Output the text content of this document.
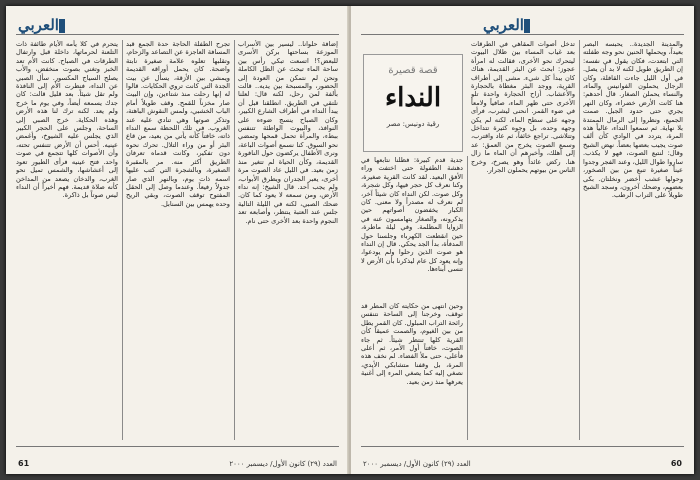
العربي

إضافة حلوانا.. ليسير بين الأسراب الموزعة بساحتها بركن الأسرى للبعض؟! اتسعت تبكي رأس بين ساحة الماء تبحث عن الظل الكاملة ونحن لم نتمكن من العودة إلى الحضور، والمسبحة بين يديه.. قالت بألفة لمن رحل، لكنه قال: لعلنا نلتقي في الطريق. انطلقنا قبل أن يبدأ النداء في أطراف الشارع الكبير، وكان الصباح ينسج ضوءه على النوافذ، والبيوت الواطئة تتنفس ببطء، والمرأة تحمل قمحها وتمضي نحو السوق. كنا نسمع أصوات الباعة، ونرى الأطفال يركضون حول النافورة القديمة، وكأن الحياة لم تتغير منذ زمن بعيد. في الليل عاد الصوت مرة أخرى، يعبر الجدران ويطرق الأبواب، ولم يجب أحد. قال الشيخ: إنه نداء الأرض، ومن سمعه لا يعود كما كان. ضحك الصبي، لكنه في الليلة التالية جلس عند العتبة ينتظر، وأصابعه تعد النجوم واحدة بعد الأخرى حتى نام.

تجرح الطفلة الحاجة حدة الجمع قبد المسافة العاجزة عن التصاعد والزحام، وتقلبها تعلوه علامة صغيرة نابتة واضحة. كان يحمل أوراقه القديمة ويمشي بين الأزقة، يسأل عن بيت الجدة التي كانت تروي الحكايات. قالوا له إنها رحلت منذ شتاءين، وإن البيت صار مخزناً للقمح. وقف طويلاً أمام الباب الخشبي، ولمس النقوش الباهتة، وتذكر صوتها وهي تنادي عليه عند الغروب. في تلك اللحظة سمع النداء ذاته، خافتاً كأنه يأتي من بعيد، من قاع البئر أو من وراء التلال. تحرك نحوه دون تفكير، وكانت قدماه تعرفان الطريق أكثر منه. مر بالمقبرة الصغيرة، وبالشجرة التي كتب عليها اسمه ذات يوم، وبالنهر الذي صار جدولاً رفيعاً. وعندما وصل إلى الحقل المفتوح توقف الصوت، وبقي الريح وحده يهمس بين السنابل.

يتحرم في كلا يأمه الأيام طائفة ذات التلعنة لحرماتها، داخلة قبل وارتفال الطرقات في الصباح. كانت الأم تعد الخبز وتغني بصوت منخفض، والأب يصلح السياج المكسور. سأل الصبي عن النداء، فنظرت الأم إلى النافذة ولم تقل شيئاً. بعد قليل قالت: كان جدك يسمعه أيضاً، وفي يوم ما خرج ولم يعد. لكنه ترك لنا هذه الأرض وهذه الحكاية. خرج الصبي إلى الساحة، وجلس على الحجر الكبير الذي يجلس عليه الشيوخ، وأغمض عينيه. أحس أن الأرض تتنفس تحته، وأن الأصوات كلها تتجمع في صوت واحد. فتح عينيه فرأى الطيور تعود إلى أعشاشها، والشمس تميل نحو الغرب، والدخان يصعد من المداخن كأنه صلاة قديمة. فهم أخيراً أن النداء ليس صوتاً بل ذاكرة.

61	العدد (٢٩) كانون الأول/ ديسمبر ٢٠٠٠
العربي

والمدينة الجديدة.. يحبسه البصر بعيداً، ويحملها الحنين نحو وجه طفلته التي ابتعدت، فكان يقول في نفسه: إن الطريق طويل لكنه لا بد أن يصل. في أول الليل جاءت القافلة، وكان الرجال يحملون الفوانيس والماء، والنساء يحملن الصغار. قال أحدهم: هنا كانت الأرض خضراء، وكان النهر يجري حتى حدود الجبل. صمت الجميع، ونظروا إلى الرمال الممتدة بلا نهاية. ثم سمعوا النداء، عالياً هذه المرة، يتردد في الوادي كأن ألف صوت يجيب بعضها بعضاً. نهض الشيخ وقال: لنتبع الصوت، فهو لا يكذب. ساروا طوال الليل، وعند الفجر وجدوا عيناً صغيرة تنبع من بين الصخور، وحولها عشب أخضر ونخلتان. بكى بعضهم، وضحك آخرون، وسجد الشيخ طويلاً على التراب الرطب.

تدخل أصوات المقاهي في الطرقات بعد غياب المساء بين ظلال البيوت ليتحرك نحو الأخرى، فقالت له امرأة عجوز: ابحث عن البئر القديمة، هناك كان يبدأ كل شيء. مشى إلى أطراف القرية، ووجد البئر مغطاة بالحجارة والأعشاب. أزاح الحجارة واحدة تلو الأخرى حتى ظهر الماء، صافياً ولامعاً في ضوء القمر. انحنى ليشرب، فرأى وجهه على سطح الماء، لكنه لم يكن وجهه وحده، بل وجوه كثيرة تتداخل وتتلاشى. تراجع خائفاً، ثم عاد واقترب، وسمع الصوت يخرج من العمق: عد إلى أهلك، وأخبرهم أن الماء ما زال هنا. ركض عائداً وهو يصرخ، وخرج الناس من بيوتهم يحملون الجرار.

قصة قصيرة
النداء
رقية دونيس: مصر

جدية قدم كبيرة: فظلنا نتابعها في دهشة الطفولة حتى اختفت وراء الأفق البعيد. لقد كانت القرية صغيرة، وكنا نعرف كل حجر فيها، وكل شجرة، وكل صوت. لكن النداء كان شيئاً آخر، لم نعرف له مصدراً ولا معنى. كان الكبار يخفضون أصواتهم حين يذكرونه، والصغار يتهامسون عنه في الزوايا المظلمة. وفي ليلة ماطرة، حين انقطعت الكهرباء وجلسنا حول المدفأة، بدأ الجد يحكي. قال إن النداء هو صوت الذين رحلوا ولم يودعوا، وإنه يعود كل عام ليذكرنا بأن الأرض لا تنسى أبناءها.

وحين انتهى من حكايته كان المطر قد توقف، وخرجنا إلى الساحة نتنفس رائحة التراب المبلول. كان القمر يطل من بين الغيوم، والصمت عميقاً كأن القرية كلها تنتظر شيئاً. ثم جاء الصوت، خافتاً أول الأمر، ثم أعلى فأعلى، حتى ملأ الفضاء. لم نخف هذه المرة، بل وقفنا متشابكي الأيدي، نصغي إليه كما يصغي المرء إلى أغنية يعرفها منذ زمن بعيد.

60
العدد (٢٩) كانون الأول/ ديسمبر ٢٠٠٠
